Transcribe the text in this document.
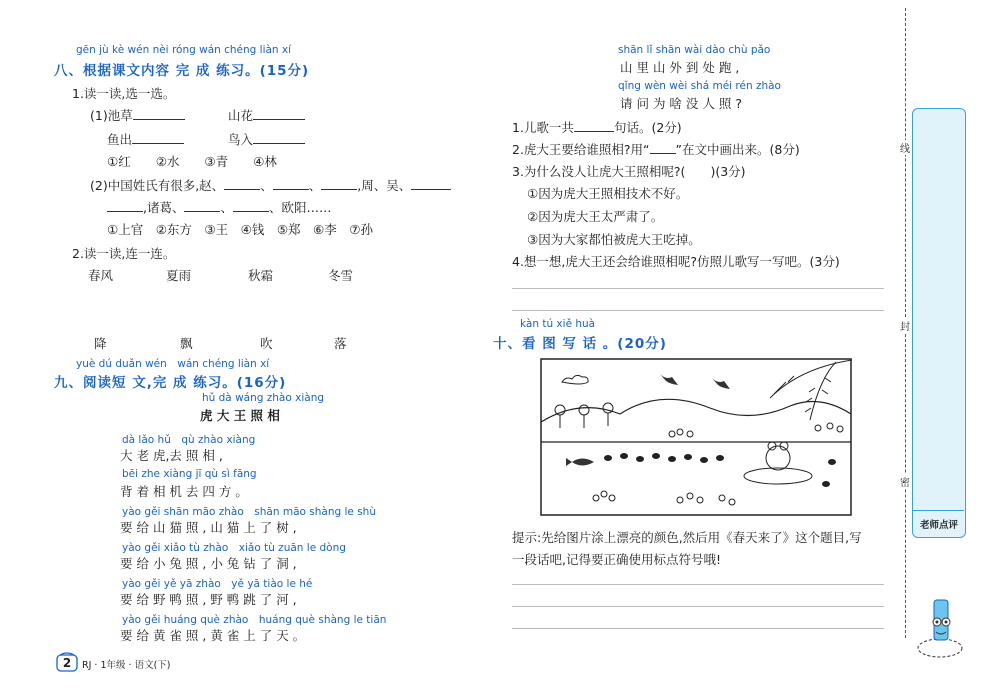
gēn jù kè wén nèi róng wán chéng liàn xí
八、根据课文内容 完 成 练习。(15分)
1.读一读,选一选。
(1)池草	山花
鱼出	鸟入
①红　　②水　　③青　　④林
(2)中国姓氏有很多,赵、	、	、	,周、吴、
,诸葛、	、	、欧阳……
①上官　②东方　③王　④钱　⑤郑　⑥李　⑦孙
2.读一读,连一连。
春风	夏雨	秋霜	冬雪
降	飘	吹	落
yuè dú duǎn wén　wán chéng liàn xí
九、阅读短 文,完 成 练习。(16分)
hǔ dà wáng zhào xiàng
虎 大 王 照 相
dà lǎo hǔ　qù zhào xiàng
大 老 虎,去 照 相 ,
bēi zhe xiàng jī qù sì fāng
背 着 相 机 去 四 方 。
yào gěi shān māo zhào　shān māo shàng le shù
要 给 山 猫 照 , 山 猫 上 了 树 ,
yào gěi xiǎo tù zhào　xiǎo tù zuān le dòng
要 给 小 兔 照 , 小 兔 钻 了 洞 ,
yào gěi yě yā zhào　yě yā tiào le hé
要 给 野 鸭 照 , 野 鸭 跳 了 河 ,
yào gěi huáng què zhào　huáng què shàng le tiān
要 给 黄 雀 照 , 黄 雀 上 了 天 。
2	RJ · 1年级 · 语文(下)
shān lǐ shān wài dào chù pǎo
山 里 山 外 到 处 跑 ,
qǐng wèn wèi shá méi rén zhào
请 问 为 啥 没 人 照 ?
1.儿歌一共	句话。(2分)
2.虎大王要给谁照相?用“ ”在文中画出来。(8分)
3.为什么没人让虎大王照相呢?(　　)(3分)
①因为虎大王照相技术不好。
②因为虎大王太严肃了。
③因为大家都怕被虎大王吃掉。
4.想一想,虎大王还会给谁照相呢?仿照儿歌写一写吧。(3分)
kàn tú xiě huà
十、看 图 写 话 。(20分)
提示:先给图片涂上漂亮的颜色,然后用《春天来了》这个题目,写
一段话吧,记得要正确使用标点符号哦!
线
封
密
老师点评
